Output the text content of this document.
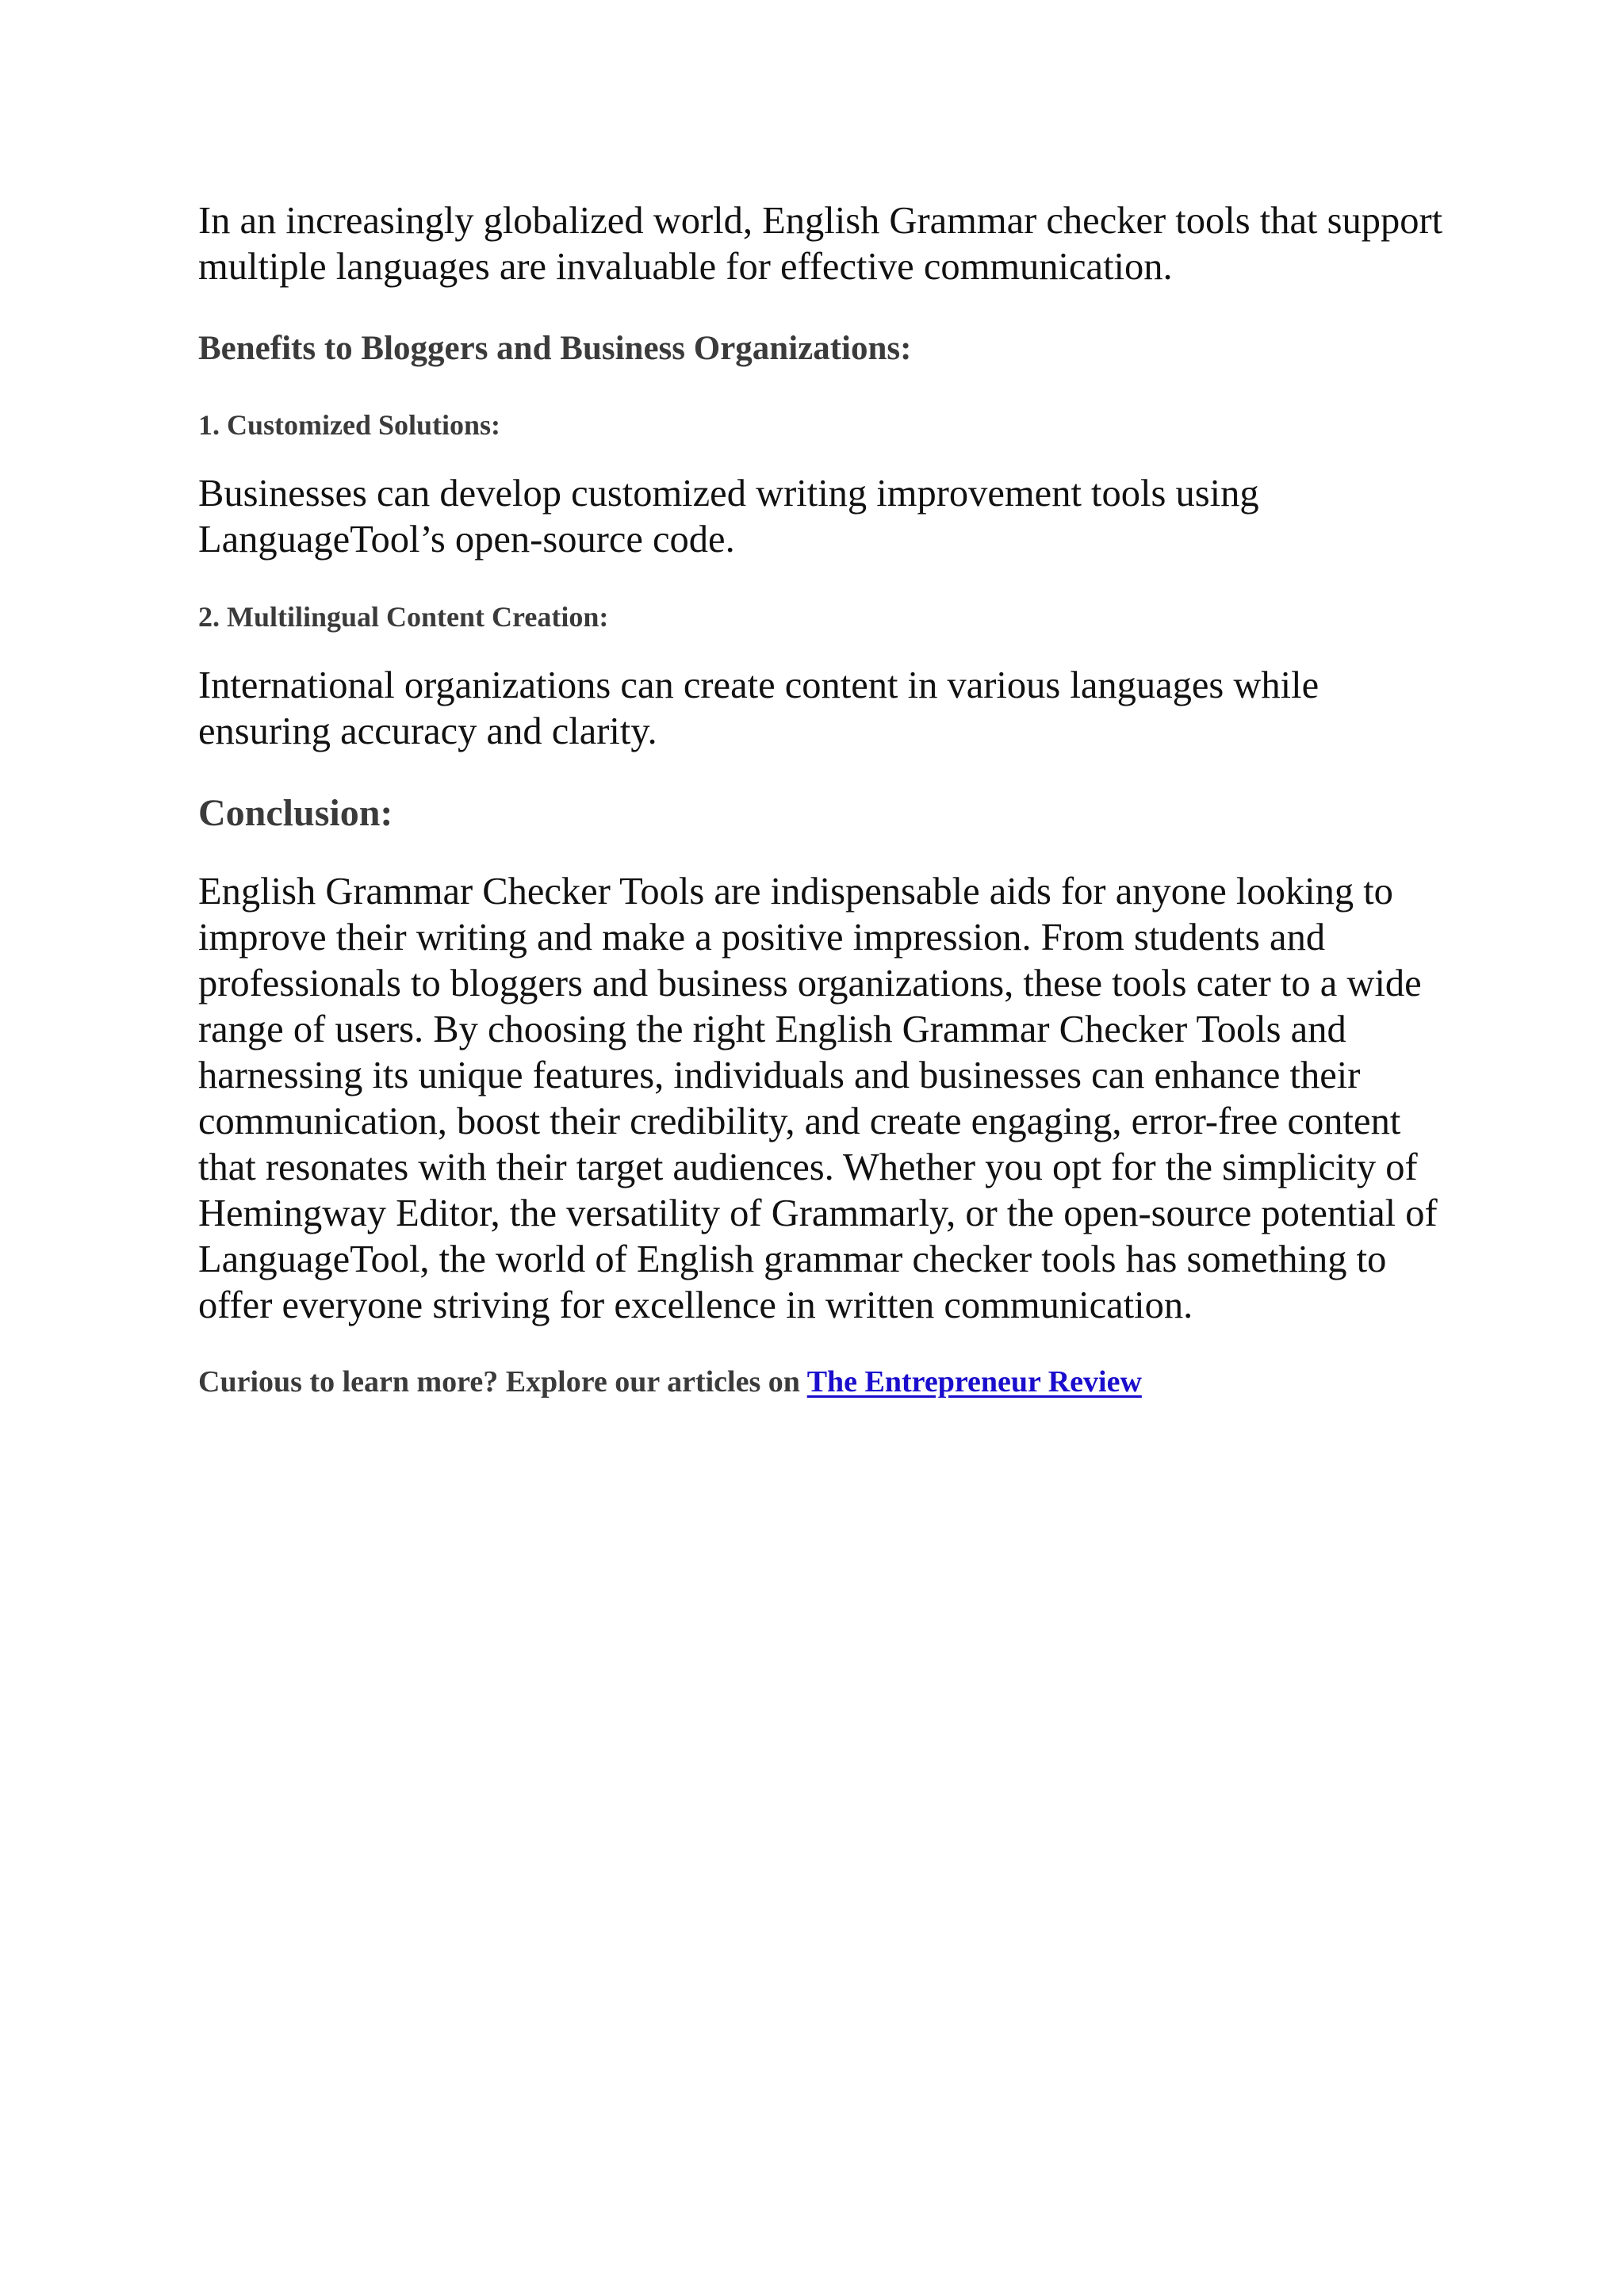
In an increasingly globalized world, English Grammar checker tools that support multiple languages are invaluable for effective communication.

Benefits to Bloggers and Business Organizations:
1. Customized Solutions:

Businesses can develop customized writing improvement tools using LanguageTool’s open-source code.

2. Multilingual Content Creation:

International organizations can create content in various languages while ensuring accuracy and clarity.

Conclusion:

English Grammar Checker Tools are indispensable aids for anyone looking to improve their writing and make a positive impression. From students and professionals to bloggers and business organizations, these tools cater to a wide range of users. By choosing the right English Grammar Checker Tools and harnessing its unique features, individuals and businesses can enhance their communication, boost their credibility, and create engaging, error-free content that resonates with their target audiences. Whether you opt for the simplicity of Hemingway Editor, the versatility of Grammarly, or the open-source potential of LanguageTool, the world of English grammar checker tools has something to offer everyone striving for excellence in written communication.

Curious to learn more? Explore our articles on The Entrepreneur Review
